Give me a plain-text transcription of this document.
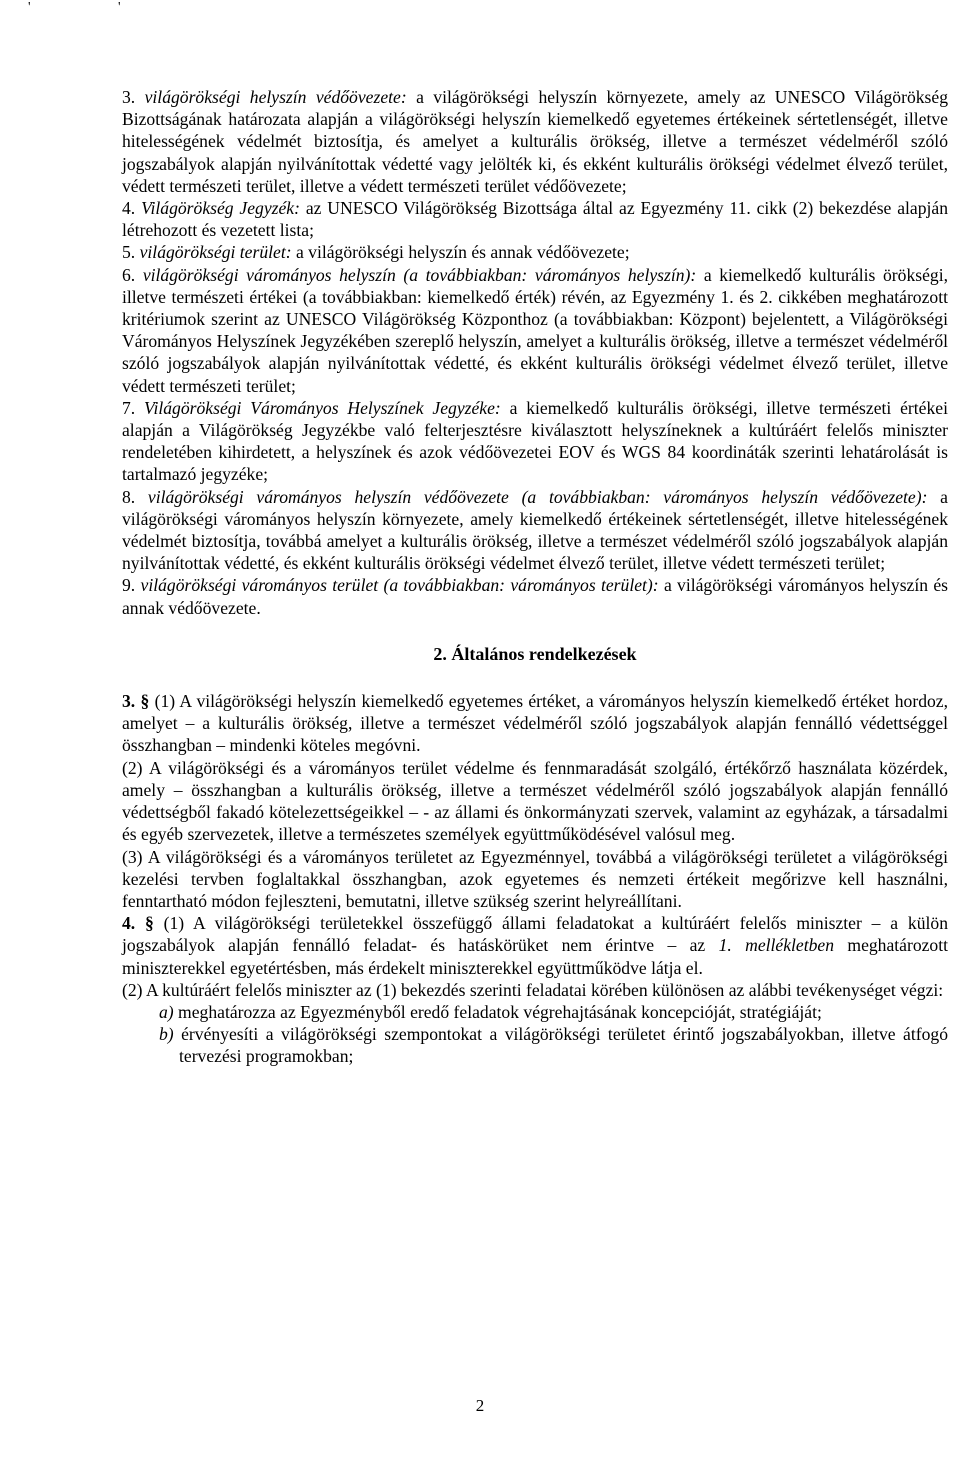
' '

3. világörökségi helyszín védőövezete: a világörökségi helyszín környezete, amely az UNESCO Világörökség Bizottságának határozata alapján a világörökségi helyszín kiemelkedő egyetemes értékeinek sértetlenségét, illetve hitelességének védelmét biztosítja, és amelyet a kulturális örökség, illetve a természet védelméről szóló jogszabályok alapján nyilvánítottak védetté vagy jelölték ki, és ekként kulturális örökségi védelmet élvező terület, védett természeti terület, illetve a védett természeti terület védőövezete;

4. Világörökség Jegyzék: az UNESCO Világörökség Bizottsága által az Egyezmény 11. cikk (2) bekezdése alapján létrehozott és vezetett lista;

5. világörökségi terület: a világörökségi helyszín és annak védőövezete;

6. világörökségi várományos helyszín (a továbbiakban: várományos helyszín): a kiemelkedő kulturális örökségi, illetve természeti értékei (a továbbiakban: kiemelkedő érték) révén, az Egyezmény 1. és 2. cikkében meghatározott kritériumok szerint az UNESCO Világörökség Központhoz (a továbbiakban: Központ) bejelentett, a Világörökségi Várományos Helyszínek Jegyzékében szereplő helyszín, amelyet a kulturális örökség, illetve a természet védelméről szóló jogszabályok alapján nyilvánítottak védetté, és ekként kulturális örökségi védelmet élvező terület, illetve védett természeti terület;

7. Világörökségi Várományos Helyszínek Jegyzéke: a kiemelkedő kulturális örökségi, illetve természeti értékei alapján a Világörökség Jegyzékbe való felterjesztésre kiválasztott helyszíneknek a kultúráért felelős miniszter rendeletében kihirdetett, a helyszínek és azok védőövezetei EOV és WGS 84 koordináták szerinti lehatárolását is tartalmazó jegyzéke;

8. világörökségi várományos helyszín védőövezete (a továbbiakban: várományos helyszín védőövezete): a világörökségi várományos helyszín környezete, amely kiemelkedő értékeinek sértetlenségét, illetve hitelességének védelmét biztosítja, továbbá amelyet a kulturális örökség, illetve a természet védelméről szóló jogszabályok alapján nyilvánítottak védetté, és ekként kulturális örökségi védelmet élvező terület, illetve védett természeti terület;

9. világörökségi várományos terület (a továbbiakban: várományos terület): a világörökségi várományos helyszín és annak védőövezete.

2. Általános rendelkezések

3. § (1) A világörökségi helyszín kiemelkedő egyetemes értéket, a várományos helyszín kiemelkedő értéket hordoz, amelyet – a kulturális örökség, illetve a természet védelméről szóló jogszabályok alapján fennálló védettséggel összhangban – mindenki köteles megóvni.

(2) A világörökségi és a várományos terület védelme és fennmaradását szolgáló, értékőrző használata közérdek, amely – összhangban a kulturális örökség, illetve a természet védelméről szóló jogszabályok alapján fennálló védettségből fakadó kötelezettségeikkel – - az állami és önkormányzati szervek, valamint az egyházak, a társadalmi és egyéb szervezetek, illetve a természetes személyek együttműködésével valósul meg.

(3) A világörökségi és a várományos területet az Egyezménnyel, továbbá a világörökségi területet a világörökségi kezelési tervben foglaltakkal összhangban, azok egyetemes és nemzeti értékeit megőrizve kell használni, fenntartható módon fejleszteni, bemutatni, illetve szükség szerint helyreállítani.

4. § (1) A világörökségi területekkel összefüggő állami feladatokat a kultúráért felelős miniszter – a külön jogszabályok alapján fennálló feladat- és hatáskörüket nem érintve – az 1. mellékletben meghatározott miniszterekkel egyetértésben, más érdekelt miniszterekkel együttműködve látja el.

(2) A kultúráért felelős miniszter az (1) bekezdés szerinti feladatai körében különösen az alábbi tevékenységet végzi:

a) meghatározza az Egyezményből eredő feladatok végrehajtásának koncepcióját, stratégiáját;

b) érvényesíti a világörökségi szempontokat a világörökségi területet érintő jogszabályokban, illetve átfogó tervezési programokban;

2
